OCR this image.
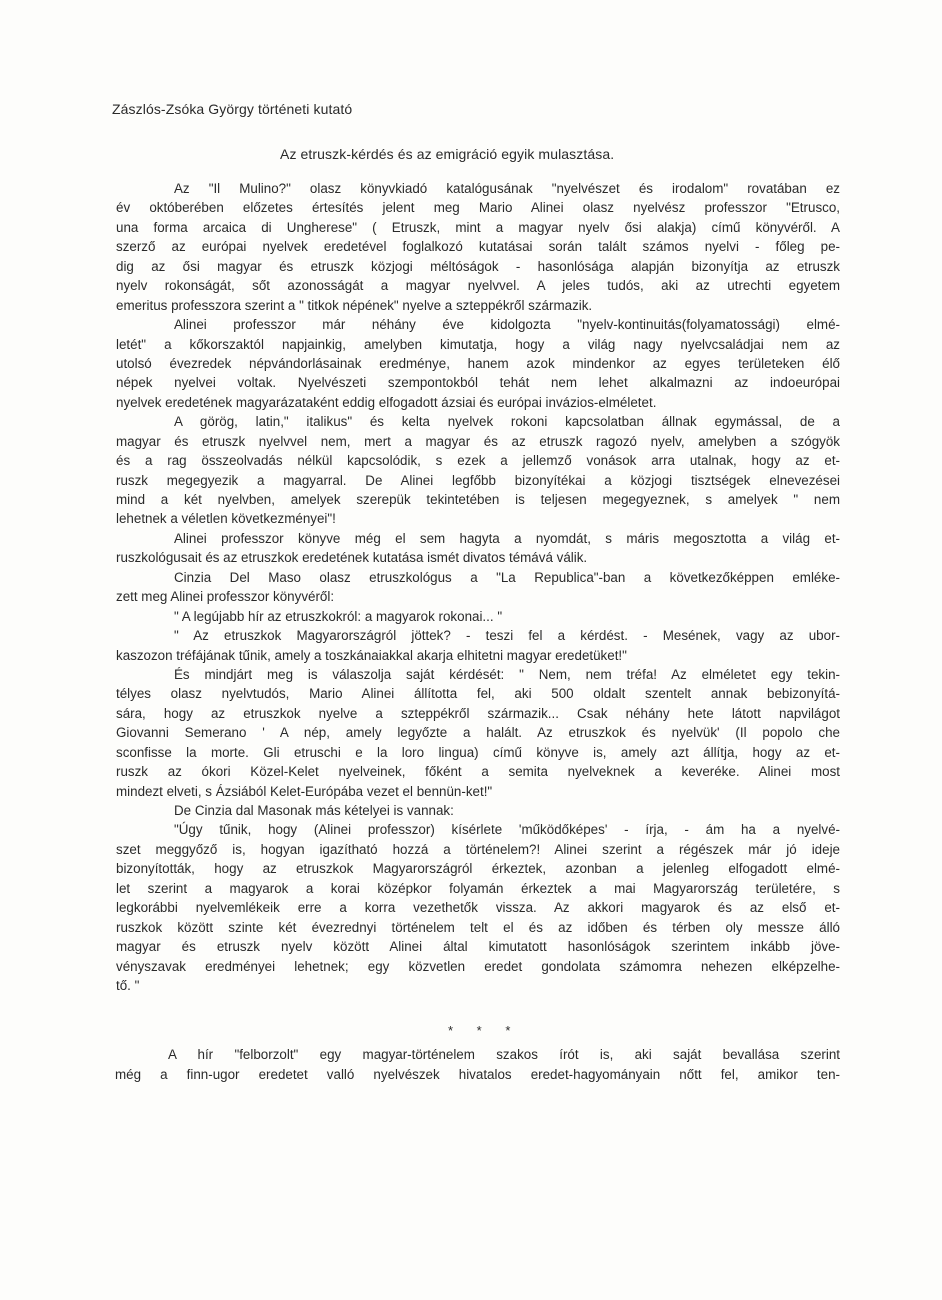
Zászlós-Zsóka György történeti kutató
Az etruszk-kérdés és az emigráció egyik mulasztása.
Az "Il Mulino?" olasz könyvkiadó katalógusának "nyelvészet és irodalom" rovatában ez
év októberében előzetes értesítés jelent meg Mario Alinei olasz nyelvész professzor "Etrusco,
una forma arcaica di Ungherese" ( Etruszk, mint a magyar nyelv ősi alakja) című könyvéről. A
szerző az európai nyelvek eredetével foglalkozó kutatásai során talált számos nyelvi - főleg pe-
dig az ősi magyar és etruszk közjogi méltóságok - hasonlósága alapján bizonyítja az etruszk
nyelv rokonságát, sőt azonosságát a magyar nyelvvel. A jeles tudós, aki az utrechti egyetem
emeritus professzora szerint a " titkok népének" nyelve a szteppékről származik.
Alinei professzor már néhány éve kidolgozta "nyelv-kontinuitás(folyamatossági) elmé-
letét" a kőkorszaktól napjainkig, amelyben kimutatja, hogy a világ nagy nyelvcsaládjai nem az
utolsó évezredek népvándorlásainak eredménye, hanem azok mindenkor az egyes területeken élő
népek nyelvei voltak. Nyelvészeti szempontokból tehát nem lehet alkalmazni az indoeurópai
nyelvek eredetének magyarázataként eddig elfogadott ázsiai és európai invázios-elméletet.
A görög, latin," italikus" és kelta nyelvek rokoni kapcsolatban állnak egymással, de a
magyar és etruszk nyelvvel nem, mert a magyar és az etruszk ragozó nyelv, amelyben a szógyök
és a rag összeolvadás nélkül kapcsolódik, s ezek a jellemző vonások arra utalnak, hogy az et-
ruszk megegyezik a magyarral. De Alinei legfőbb bizonyítékai a közjogi tisztségek elnevezései
mind a két nyelvben, amelyek szerepük tekintetében is teljesen megegyeznek, s amelyek " nem
lehetnek a véletlen következményei"!
Alinei professzor könyve még el sem hagyta a nyomdát, s máris megosztotta a világ et-
ruszkológusait és az etruszkok eredetének kutatása ismét divatos témává válik.
Cinzia Del Maso olasz etruszkológus a "La Republica"-ban a következőképpen emléke-
zett meg Alinei professzor könyvéről:
" A legújabb hír az etruszkokról: a magyarok rokonai... "
" Az etruszkok Magyarországról jöttek? - teszi fel a kérdést. - Mesének, vagy az ubor-
kaszozon tréfájának tűnik, amely a toszkánaiakkal akarja elhitetni magyar eredetüket!"
És mindjárt meg is válaszolja saját kérdését: " Nem, nem tréfa! Az elméletet egy tekin-
télyes olasz nyelvtudós, Mario Alinei állította fel, aki 500 oldalt szentelt annak bebizonyítá-
sára, hogy az etruszkok nyelve a szteppékről származik... Csak néhány hete látott napvilágot
Giovanni Semerano ' A nép, amely legyőzte a halált. Az etruszkok és nyelvük' (Il popolo che
sconfisse la morte. Gli etruschi e la loro lingua) című könyve is, amely azt állítja, hogy az et-
ruszk az ókori Közel-Kelet nyelveinek, főként a semita nyelveknek a keveréke. Alinei most
mindezt elveti, s Ázsiából Kelet-Európába vezet el bennün-ket!"
De Cinzia dal Masonak más kételyei is vannak:
"Úgy tűnik, hogy (Alinei professzor) kísérlete 'működőképes' - írja, - ám ha a nyelvé-
szet meggyőző is, hogyan igazítható hozzá a történelem?! Alinei szerint a régészek már jó ideje
bizonyították, hogy az etruszkok Magyarországról érkeztek, azonban a jelenleg elfogadott elmé-
let szerint a magyarok a korai középkor folyamán érkeztek a mai Magyarország területére, s
legkorábbi nyelvemlékeik erre a korra vezethetők vissza. Az akkori magyarok és az első et-
ruszkok között szinte két évezrednyi történelem telt el és az időben és térben oly messze álló
magyar és etruszk nyelv között Alinei által kimutatott hasonlóságok szerintem inkább jöve-
vényszavak eredményei lehetnek; egy közvetlen eredet gondolata számomra nehezen elképzelhe-
tő. "
* * *
A hír "felborzolt" egy magyar-történelem szakos írót is, aki saját bevallása szerint
még a finn-ugor eredetet valló nyelvészek hivatalos eredet-hagyományain nőtt fel, amikor ten-
